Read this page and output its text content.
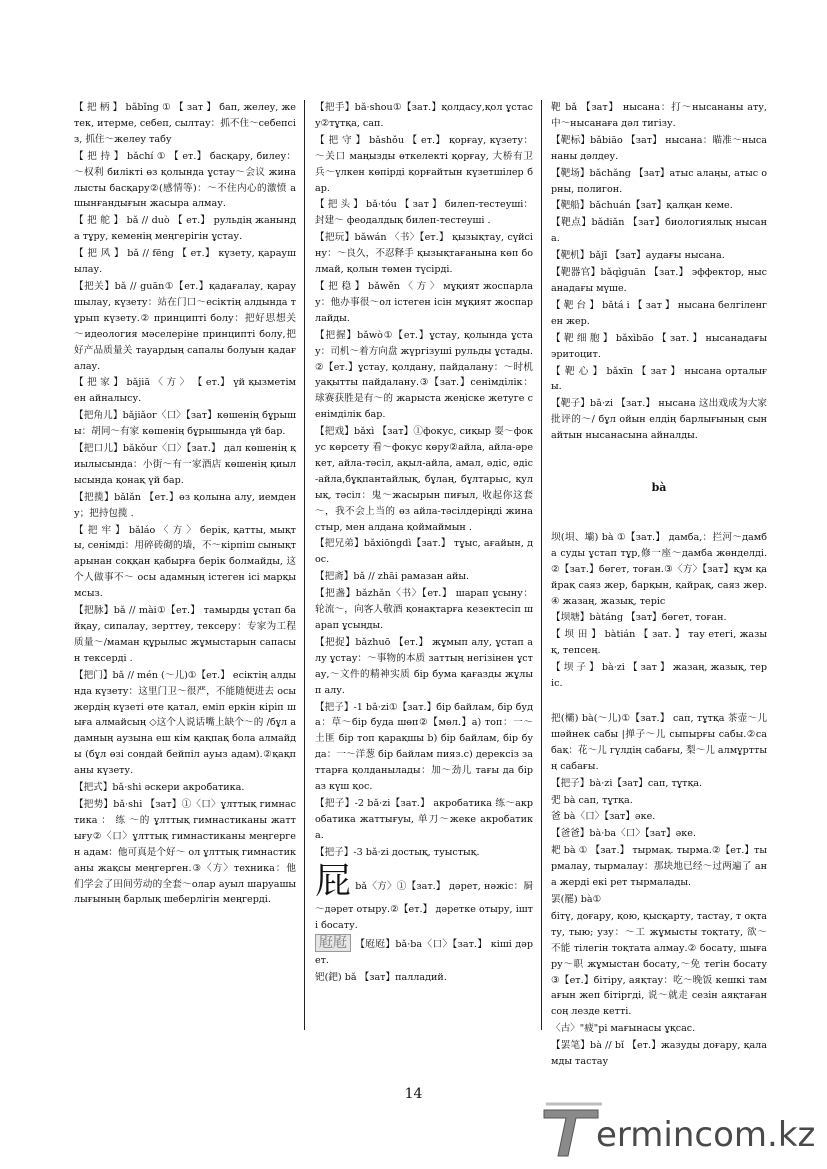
【 把 柄 】 bǎbǐng ① 【 зат 】 бап, желеу, жетек, итерме, себеп, сылтау：抓不住～себепсіз, 抓住～желеу табу
【 把 持 】 bǎchí ① 【 ет.】 басқару, билеу：～权利 билікті өз қолында ұстау～会议 жиналысты басқару②(感情等)：～不住内心的激愤 ашынғандығын жасыра алмау.
【 把 舵 】 bǎ // duò 【 ет.】 рульдің жанында тұру, кеменің меңгерігін ұстау.
【 把 风 】 bǎ // fēng 【 ет.】 күзету, қараушылау.
【把关】bǎ // guān①【ет.】қадағалау, қараушылау, күзету：站在门口～есіктің алдында тұрып күзету.② принципті болу：把好思想关～идеология мәселеріне принципті болу,把好产品质量关 тауардың сапалы болуын қадағалау.
【 把 家 】 bǎjiā 〈 方 〉 【 ет.】 үй қызметімен айналысу.
【把角儿】bǎjiǎor〈口〉【зат】көшенің бұрышы：胡同～有家 көшенің бұрышында үй бар.
【把口儿】bǎkǒur〈口〉【зат.】 дал көшенің қиылысында：小街～有一家酒店 көшенің қиылысында қонақ үй бар.
【把揽】bǎlǎn 【ет.】өз қолына алу, иемдену；把持包揽 .
【 把 牢 】 bǎláo 〈 方 〉 берік, қатты, мықты, сенімді：用碎砖砌的墙，不～кірпіш сынықтарынан соққан қабырға берік болмайды, 这个人做事不～ осы адамның істеген ісі марқымсыз.
【把脉】bǎ // mài①【ет.】 тамырды ұстап байқау, сипалау, зерттеу, тексеру：专家为工程质量～/маман құрылыс жұмыстарын сапасын тексерді .
【把门】bǎ // mén (～儿)①【ет.】 есіктің алдында күзету：这里门卫～很严，不能随便进去 осы жердің күзеті өте қатал, еміп еркін кіріп шыға алмайсың ◇这个人说话嘴上缺个～的 /бұл адамның аузына еш кім қақпақ бола алмайды (бұл өзі сондай бейпіл ауыз адам).②қақпаны күзету.
【把式】bǎ·shi әскери акробатика.
【把势】bǎ·shi 【зат】①〈口〉ұлттық гимнастика ： 练 ～的 ұлттық гимнастиканы жаттығу②〈口〉ұлттық гимнастиканы меңгерген адам：他可真是个好～ ол ұлттық гимнастиканы жақсы меңгерген.③〈方〉техника：他们学会了田间劳动的全套～олар ауыл шаруашылығының барлық шеберлігін меңгерді.
【把手】bǎ·shou①【зат.】қолдасу,қол ұстасу②тұтқа, сап.
【 把 守 】 bǎshǒu 【 ет.】 қорғау, күзету：～关口 маңызды өткелекті қорғау, 大桥有卫兵～үлкен көпірді қорғайтын күзетшілер бар.
【 把 头 】 bǎ·tóu 【 зат 】 билеп-тестеуші：封建～ феодалдық билеп-тестеуші .
【把玩】bǎwán 〈书〉【ет.】 қызықтау, сүйсіну：～良久，不忍释手 қызықтағанына көп болмай, қолын төмен түсірді.
【 把 稳 】 bǎwěn 〈 方 〉 мұқият жоспарлау：他办事很～ол істеген ісін мұқият жоспарлайды.
【把握】bǎwò①【ет.】ұстау, қолында ұстау：司机～着方向盘 жүргізуші рульды ұстады.②【ет.】ұстау, қолдану, пайдалану：～时机 уақытты пайдалану.③【зат.】сенімділік：球赛获胜是有～的 жарыста жеңіске жетуге сенімділік бар.
【把戏】bǎxì 【зат】①фокус, сиқыр 耍～фокус көрсету 看～фокус көру②айла, айла-әрекет, айла-тәсіл, ақыл-айла, амал, әдіс, әдіс-айла,бұқпантайлық, бұлаң, бұлтарыс, қулық, тәсіл：鬼～жасырын пиғыл, 收起你这套～，我不会上当的 өз айла-тәсілдеріңді жинастыр, мен алдана қоймаймын .
【把兄弟】bǎxiōngdì【зат.】 тұыс, ағайын, дос.
【把斋】bǎ // zhāi рамазан айы.
【把盏】bǎzhǎn〈书〉【ет.】 шарап ұсыну：轮流～，向客人敬酒 қонақтарға кезектесіп шарап ұсыңды.
【把捉】bǎzhuō 【ет.】 жұмып алу, ұстап алу ұстау：～事物的本质 заттың негізінен ұстау,～文件的精神实质 бір бума қағазды жұлып алу.
【把子】-1 bǎ·zi①【зат.】бір байлам, бір буда：草～бір буда шөп②【мөл.】а) топ：一～土匪 бір топ қарақшы b) бір байлам, бір буда：一～洋葱 бір байлам пияз.с) дерексіз заттарға қолданылады：加～劲儿 тағы да біраз күш қос.
【把子】-2 bǎ·zi【зат.】 акробатика 练～акробатика жаттығуы, 单刀～жеке акробатика.
【把子】-3 bǎ·zi достық, туыстық.
屁bǎ〈方〉①【зат.】 дәрет, нәжіс：屙～дәрет отыру.②【ет.】 дәретке отыру, іштi босату.
屘屘 【屘屘】bǎ·ba〈口〉【зат.】 кіші дәрет.
钯(鈀) bǎ 【зат】палладий.
靶 bǎ 【зат】 нысана：打～нысананы ату, 中～нысанаға дәл тигізу.
【靶标】bǎbiāo 【зат】 нысана：瞄准～нысананы дәлдеу.
【靶场】bǎchǎng 【зат】атыс алаңы, атыс орны, полигон.
【靶船】bǎchuán【зат】қалқан кеме.
【靶点】bǎdiǎn 【зат】биологиялық нысана.
【靶机】bǎjī 【зат】аудағы нысана.
【靶器官】bǎqìguān 【зат.】 эффектор, нысанадағы мүше.
【 靶 台 】 bǎtá i 【 зат 】 нысана белгіленген жер.
【 靶 细 胞 】 bǎxìbāo 【 зат. 】 нысанадағы эритоцит.
【 靶 心 】 bǎxīn 【 зат 】 нысана орталығы.
【靶子】bǎ·zi 【зат.】 нысана 这出戏成为大家批评的～/ бұл ойын елдің барлығының сынайтын нысанасына айналды.
bà
坝(垻、壩) bà ①【зат.】 дамба,：拦河～дамба суды ұстап тұр,修一座～дамба жөнделді.②【зат.】бөгет, тоған.③〈方〉【зат】құм қайрақ саяз жер, барқын, қайрақ, саяз жер. ④ жазаң, жазық, теріс
【坝塘】bàtáng 【зат】бөгет, тоған.
【 坝 田 】 bàtián 【 зат. 】 тау етегі, жазық, тепсең.
【 坝 子 】 bà·zi 【 зат 】 жазаң, жазық, теріс.
把(欛) bà(～儿)①【зат.】 сап, тұтқа 茶壶～儿 шәйнек сабы |掸子～儿 сыпырғы сабы.②сабақ：花～儿 гүлдің сабағы, 梨～儿 алмұрттың сабағы.
【把子】bà·zi【зат】сап, тұтқа.
弝 bà сап, тұтқа.
爸 bà〈口〉【зат】әке.
【爸爸】bà·ba〈口〉【зат】әке.
耙 bà ① 【зат.】 тырмақ. тырма.②【ет.】тырмалау, тырмалау：那块地已经～过两遍了 ана жерді екі рет тырмалады.
罢(罷) bà①
бітү, доғару, қою, қысқарту, тастау, т оқтату, тыю; узу：～工 жұмысты тоқтату, 欲～不能 тілегін тоқтата алмау.② босату, шығару～职 жұмыстан босату,～免 тегін босату③【ет.】бітіру, аяқтау：吃～晚饭 кешкі тамағын жеп бітіргді, 说～就走 сезін аяқтаған соң лезде кетті.
〈古〉"疲"рі мағынасы ұқсас.
【罢笔】bà // bǐ 【ет.】жазуды доғару, қаламды тастау
14
ermincom.kz
